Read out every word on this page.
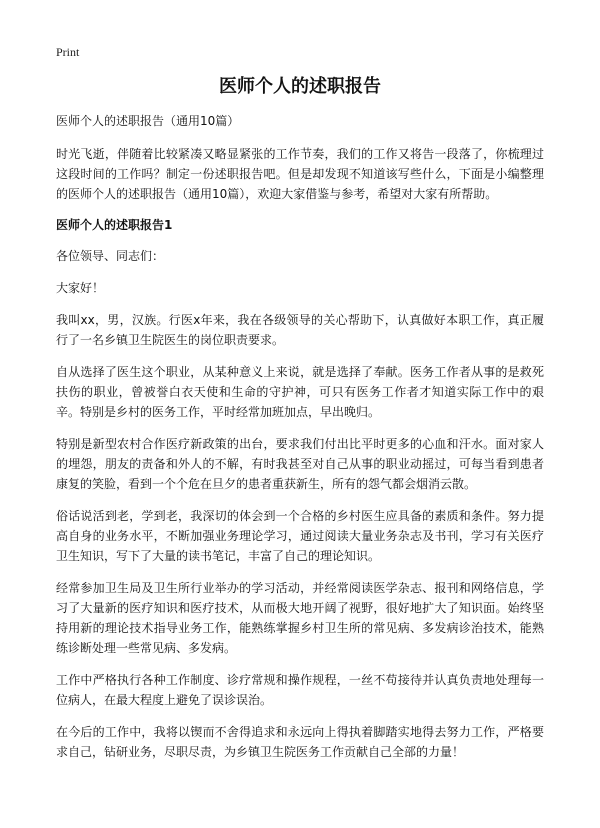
Print
医师个人的述职报告
医师个人的述职报告（通用10篇）

时光飞逝，伴随着比较紧凑又略显紧张的工作节奏，我们的工作又将告一段落了，你梳理过这段时间的工作吗？制定一份述职报告吧。但是却发现不知道该写些什么，下面是小编整理的医师个人的述职报告（通用10篇），欢迎大家借鉴与参考，希望对大家有所帮助。

医师个人的述职报告1

各位领导、同志们：

大家好！

我叫xx，男，汉族。行医x年来，我在各级领导的关心帮助下，认真做好本职工作，真正履行了一名乡镇卫生院医生的岗位职责要求。

自从选择了医生这个职业，从某种意义上来说，就是选择了奉献。医务工作者从事的是救死扶伤的职业，曾被誉白衣天使和生命的守护神，可只有医务工作者才知道实际工作中的艰辛。特别是乡村的医务工作，平时经常加班加点，早出晚归。

特别是新型农村合作医疗新政策的出台，要求我们付出比平时更多的心血和汗水。面对家人的埋怨，朋友的责备和外人的不解，有时我甚至对自己从事的职业动摇过，可每当看到患者康复的笑脸，看到一个个危在旦夕的患者重获新生，所有的怨气都会烟消云散。

俗话说活到老，学到老，我深切的体会到一个合格的乡村医生应具备的素质和条件。努力提高自身的业务水平，不断加强业务理论学习，通过阅读大量业务杂志及书刊，学习有关医疗卫生知识，写下了大量的读书笔记，丰富了自己的理论知识。

经常参加卫生局及卫生所行业举办的学习活动，并经常阅读医学杂志、报刊和网络信息，学习了大量新的医疗知识和医疗技术，从而极大地开阔了视野，很好地扩大了知识面。始终坚持用新的理论技术指导业务工作，能熟练掌握乡村卫生所的常见病、多发病诊治技术，能熟练诊断处理一些常见病、多发病。

工作中严格执行各种工作制度、诊疗常规和操作规程，一丝不苟接待并认真负责地处理每一位病人，在最大程度上避免了误诊误治。

在今后的工作中，我将以锲而不舍得追求和永远向上得执着脚踏实地得去努力工作，严格要求自己，钻研业务，尽职尽责，为乡镇卫生院医务工作贡献自己全部的力量！
